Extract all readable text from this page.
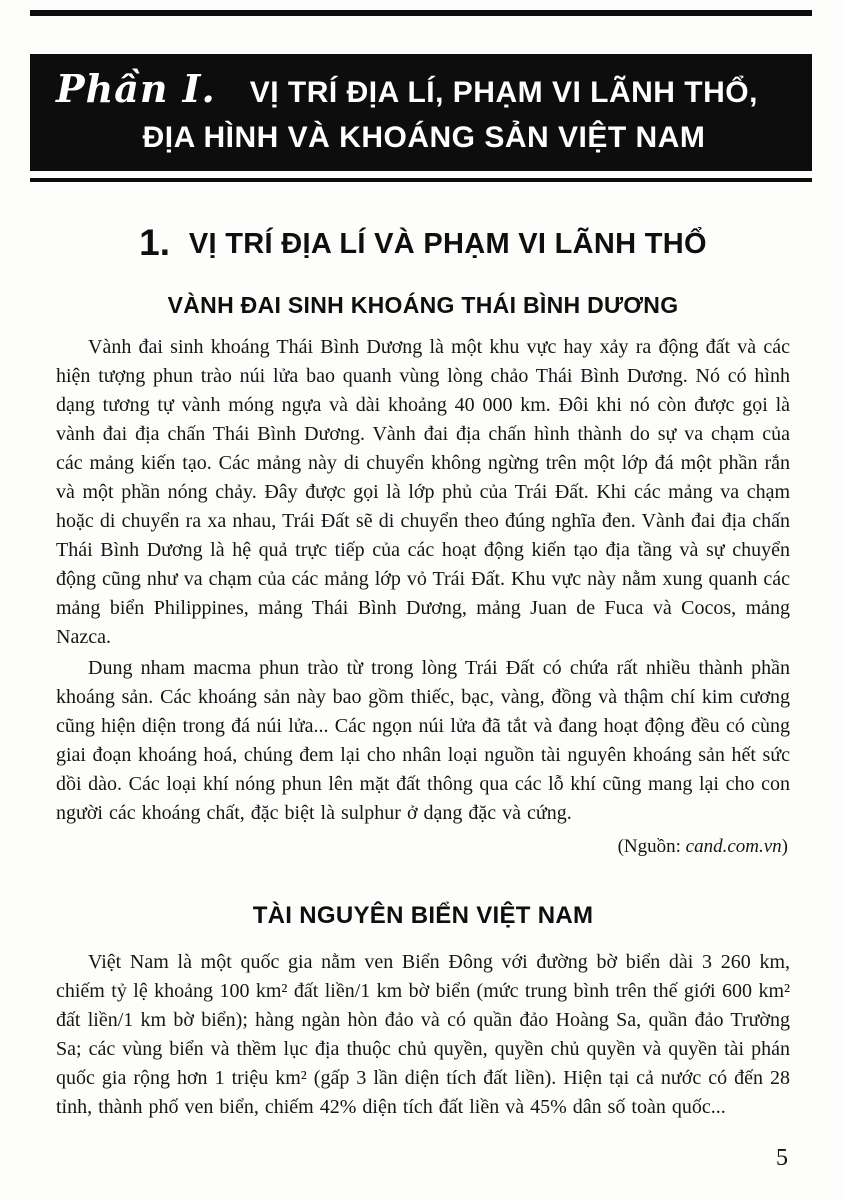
Phần I.	VỊ TRÍ ĐỊA LÍ, PHẠM VI LÃNH THỔ,
ĐỊA HÌNH VÀ KHOÁNG SẢN VIỆT NAM
1. VỊ TRÍ ĐỊA LÍ VÀ PHẠM VI LÃNH THỔ
VÀNH ĐAI SINH KHOÁNG THÁI BÌNH DƯƠNG

Vành đai sinh khoáng Thái Bình Dương là một khu vực hay xảy ra động đất và các hiện tượng phun trào núi lửa bao quanh vùng lòng chảo Thái Bình Dương. Nó có hình dạng tương tự vành móng ngựa và dài khoảng 40 000 km. Đôi khi nó còn được gọi là vành đai địa chấn Thái Bình Dương. Vành đai địa chấn hình thành do sự va chạm của các mảng kiến tạo. Các mảng này di chuyển không ngừng trên một lớp đá một phần rắn và một phần nóng chảy. Đây được gọi là lớp phủ của Trái Đất. Khi các mảng va chạm hoặc di chuyển ra xa nhau, Trái Đất sẽ di chuyển theo đúng nghĩa đen. Vành đai địa chấn Thái Bình Dương là hệ quả trực tiếp của các hoạt động kiến tạo địa tầng và sự chuyển động cũng như va chạm của các mảng lớp vỏ Trái Đất. Khu vực này nằm xung quanh các mảng biển Philippines, mảng Thái Bình Dương, mảng Juan de Fuca và Cocos, mảng Nazca.

Dung nham macma phun trào từ trong lòng Trái Đất có chứa rất nhiều thành phần khoáng sản. Các khoáng sản này bao gồm thiếc, bạc, vàng, đồng và thậm chí kim cương cũng hiện diện trong đá núi lửa... Các ngọn núi lửa đã tắt và đang hoạt động đều có cùng giai đoạn khoáng hoá, chúng đem lại cho nhân loại nguồn tài nguyên khoáng sản hết sức dồi dào. Các loại khí nóng phun lên mặt đất thông qua các lỗ khí cũng mang lại cho con người các khoáng chất, đặc biệt là sulphur ở dạng đặc và cứng.

(Nguồn: cand.com.vn)
TÀI NGUYÊN BIỂN VIỆT NAM

Việt Nam là một quốc gia nằm ven Biển Đông với đường bờ biển dài 3 260 km, chiếm tỷ lệ khoảng 100 km² đất liền/1 km bờ biển (mức trung bình trên thế giới 600 km² đất liền/1 km bờ biển); hàng ngàn hòn đảo và có quần đảo Hoàng Sa, quần đảo Trường Sa; các vùng biển và thềm lục địa thuộc chủ quyền, quyền chủ quyền và quyền tài phán quốc gia rộng hơn 1 triệu km² (gấp 3 lần diện tích đất liền). Hiện tại cả nước có đến 28 tỉnh, thành phố ven biển, chiếm 42% diện tích đất liền và 45% dân số toàn quốc...

5
